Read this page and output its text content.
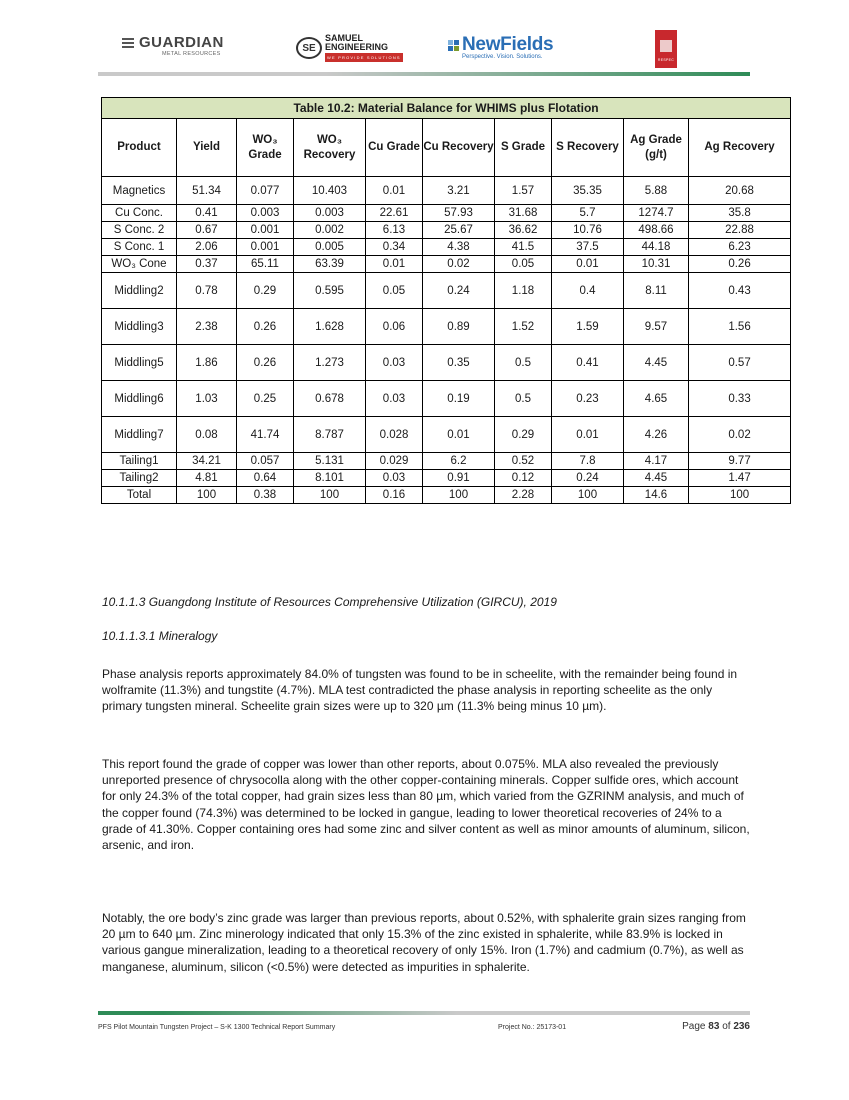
GUARDIAN
METAL RESOURCES
SE
SAMUEL
ENGINEERING
WE PROVIDE SOLUTIONS
NewFields
Perspective. Vision. Solutions.	RESPEC
Table 10.2: Material Balance for WHIMS plus Flotation									
Product	Yield	WO₃ Grade	WO₃ Recovery	Cu Grade	Cu Recovery	S Grade	S Recovery	Ag Grade (g/t)	Ag Recovery
Magnetics	51.34	0.077	10.403	0.01	3.21	1.57	35.35	5.88	20.68
Cu Conc.	0.41	0.003	0.003	22.61	57.93	31.68	5.7	1274.7	35.8
S Conc. 2	0.67	0.001	0.002	6.13	25.67	36.62	10.76	498.66	22.88
S Conc. 1	2.06	0.001	0.005	0.34	4.38	41.5	37.5	44.18	6.23
WO₃ Cone	0.37	65.11	63.39	0.01	0.02	0.05	0.01	10.31	0.26
Middling2	0.78	0.29	0.595	0.05	0.24	1.18	0.4	8.11	0.43
Middling3	2.38	0.26	1.628	0.06	0.89	1.52	1.59	9.57	1.56
Middling5	1.86	0.26	1.273	0.03	0.35	0.5	0.41	4.45	0.57
Middling6	1.03	0.25	0.678	0.03	0.19	0.5	0.23	4.65	0.33
Middling7	0.08	41.74	8.787	0.028	0.01	0.29	0.01	4.26	0.02
Tailing1	34.21	0.057	5.131	0.029	6.2	0.52	7.8	4.17	9.77
Tailing2	4.81	0.64	8.101	0.03	0.91	0.12	0.24	4.45	1.47
Total	100	0.38	100	0.16	100	2.28	100	14.6	100

10.1.1.3 Guangdong Institute of Resources Comprehensive Utilization (GIRCU), 2019

10.1.1.3.1 Mineralogy

Phase analysis reports approximately 84.0% of tungsten was found to be in scheelite, with the remainder being found in wolframite (11.3%) and tungstite (4.7%). MLA test contradicted the phase analysis in reporting scheelite as the only primary tungsten mineral. Scheelite grain sizes were up to 320 µm (11.3% being minus 10 µm).

This report found the grade of copper was lower than other reports, about 0.075%. MLA also revealed the previously unreported presence of chrysocolla along with the other copper-containing minerals. Copper sulfide ores, which account for only 24.3% of the total copper, had grain sizes less than 80 µm, which varied from the GZRINM analysis, and much of the copper found (74.3%) was determined to be locked in gangue, leading to lower theoretical recoveries of 24% to a grade of 41.30%. Copper containing ores had some zinc and silver content as well as minor amounts of aluminum, silicon, arsenic, and iron.

Notably, the ore body’s zinc grade was larger than previous reports, about 0.52%, with sphalerite grain sizes ranging from 20 µm to 640 µm. Zinc minerology indicated that only 15.3% of the zinc existed in sphalerite, while 83.9% is locked in various gangue mineralization, leading to a theoretical recovery of only 15%. Iron (1.7%) and cadmium (0.7%), as well as manganese, aluminum, silicon (<0.5%) were detected as impurities in sphalerite.

PFS Pilot Mountain Tungsten Project – S-K 1300 Technical Report Summary	Project No.: 25173-01	Page 83 of 236
